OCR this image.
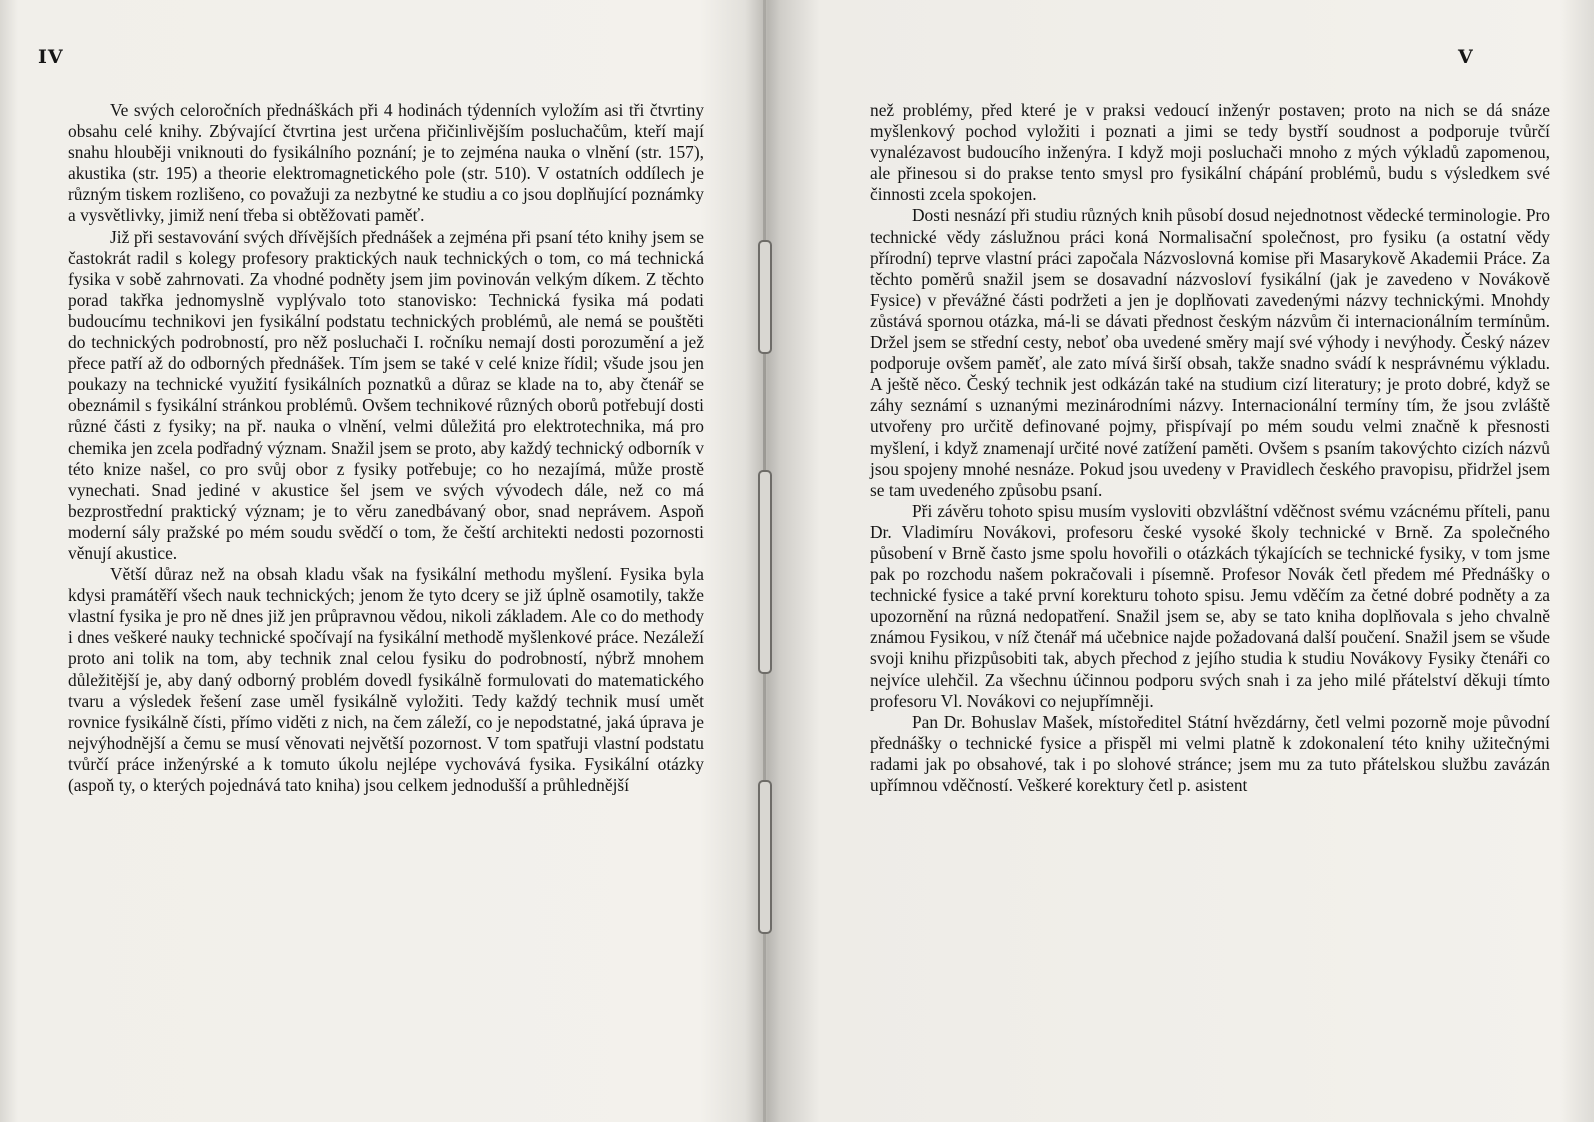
IV

Ve svých celoročních přednáškách při 4 hodinách týdenních vyložím asi tři čtvrtiny obsahu celé knihy. Zbývající čtvrtina jest určena přičinlivějším posluchačům, kteří mají snahu hlouběji vniknouti do fysikálního poznání; je to zejména nauka o vlnění (str. 157), akustika (str. 195) a theorie elektromagnetického pole (str. 510). V ostatních oddílech je různým tiskem rozlišeno, co považuji za nezbytné ke studiu a co jsou doplňující poznámky a vysvětlivky, jimiž není třeba si obtěžovati paměť.

Již při sestavování svých dřívějších přednášek a zejména při psaní této knihy jsem se častokrát radil s kolegy profesory praktických nauk technických o tom, co má technická fysika v sobě zahrnovati. Za vhodné podněty jsem jim povinován velkým díkem. Z těchto porad takřka jednomyslně vyplývalo toto stanovisko: Technická fysika má podati budoucímu technikovi jen fysikální podstatu technických problémů, ale nemá se pouštěti do technických podrobností, pro něž posluchači I. ročníku nemají dosti porozumění a jež přece patří až do odborných přednášek. Tím jsem se také v celé knize řídil; všude jsou jen poukazy na technické využití fysikálních poznatků a důraz se klade na to, aby čtenář se obeznámil s fysikální stránkou problémů. Ovšem technikové různých oborů potřebují dosti různé části z fysiky; na př. nauka o vlnění, velmi důležitá pro elektrotechnika, má pro chemika jen zcela podřadný význam. Snažil jsem se proto, aby každý technický odborník v této knize našel, co pro svůj obor z fysiky potřebuje; co ho nezajímá, může prostě vynechati. Snad jediné v akustice šel jsem ve svých vývodech dále, než co má bezprostřední praktický význam; je to věru zanedbávaný obor, snad neprávem. Aspoň moderní sály pražské po mém soudu svědčí o tom, že čeští architekti nedosti pozornosti věnují akustice.

Větší důraz než na obsah kladu však na fysikální methodu myšlení. Fysika byla kdysi pramátěří všech nauk technických; jenom že tyto dcery se již úplně osamotily, takže vlastní fysika je pro ně dnes již jen průpravnou vědou, nikoli základem. Ale co do methody i dnes veškeré nauky technické spočívají na fysikální methodě myšlenkové práce. Nezáleží proto ani tolik na tom, aby technik znal celou fysiku do podrobností, nýbrž mnohem důležitější je, aby daný odborný problém dovedl fysikálně formulovati do matematického tvaru a výsledek řešení zase uměl fysikálně vyložiti. Tedy každý technik musí umět rovnice fysikálně čísti, přímo viděti z nich, na čem záleží, co je nepodstatné, jaká úprava je nejvýhodnější a čemu se musí věnovati největší pozornost. V tom spatřuji vlastní podstatu tvůrčí práce inženýrské a k tomuto úkolu nejlépe vychovává fysika. Fysikální otázky (aspoň ty, o kterých pojednává tato kniha) jsou celkem jednodušší a průhlednější

V

než problémy, před které je v praksi vedoucí inženýr postaven; proto na nich se dá snáze myšlenkový pochod vyložiti i poznati a jimi se tedy bystří soudnost a podporuje tvůrčí vynalézavost budoucího inženýra. I když moji posluchači mnoho z mých výkladů zapomenou, ale přinesou si do prakse tento smysl pro fysikální chápání problémů, budu s výsledkem své činnosti zcela spokojen.

Dosti nesnází při studiu různých knih působí dosud nejednotnost vědecké terminologie. Pro technické vědy záslužnou práci koná Normalisační společnost, pro fysiku (a ostatní vědy přírodní) teprve vlastní práci započala Názvoslovná komise při Masarykově Akademii Práce. Za těchto poměrů snažil jsem se dosavadní názvosloví fysikální (jak je zavedeno v Novákově Fysice) v převážné části podržeti a jen je doplňovati zavedenými názvy technickými. Mnohdy zůstává spornou otázka, má-li se dávati přednost českým názvům či internacionálním termínům. Držel jsem se střední cesty, neboť oba uvedené směry mají své výhody i nevýhody. Český název podporuje ovšem paměť, ale zato mívá širší obsah, takže snadno svádí k nesprávnému výkladu. A ještě něco. Český technik jest odkázán také na studium cizí literatury; je proto dobré, když se záhy seznámí s uznanými mezinárodními názvy. Internacionální termíny tím, že jsou zvláště utvořeny pro určitě definované pojmy, přispívají po mém soudu velmi značně k přesnosti myšlení, i když znamenají určité nové zatížení paměti. Ovšem s psaním takovýchto cizích názvů jsou spojeny mnohé nesnáze. Pokud jsou uvedeny v Pravidlech českého pravopisu, přidržel jsem se tam uvedeného způsobu psaní.

Při závěru tohoto spisu musím vysloviti obzvláštní vděčnost svému vzácnému příteli, panu Dr. Vladimíru Novákovi, profesoru české vysoké školy technické v Brně. Za společného působení v Brně často jsme spolu hovořili o otázkách týkajících se technické fysiky, v tom jsme pak po rozchodu našem pokračovali i písemně. Profesor Novák četl předem mé Přednášky o technické fysice a také první korekturu tohoto spisu. Jemu vděčím za četné dobré podněty a za upozornění na různá nedopatření. Snažil jsem se, aby se tato kniha doplňovala s jeho chvalně známou Fysikou, v níž čtenář má učebnice najde požadovaná další poučení. Snažil jsem se všude svoji knihu přizpůsobiti tak, abych přechod z jejího studia k studiu Novákovy Fysiky čtenáři co nejvíce ulehčil. Za všechnu účinnou podporu svých snah i za jeho milé přátelství děkuji tímto profesoru Vl. Novákovi co nejupřímněji.

Pan Dr. Bohuslav Mašek, místoředitel Státní hvězdárny, četl velmi pozorně moje původní přednášky o technické fysice a přispěl mi velmi platně k zdokonalení této knihy užitečnými radami jak po obsahové, tak i po slohové stránce; jsem mu za tuto přátelskou službu zavázán upřímnou vděčností. Veškeré korektury četl p. asistent
